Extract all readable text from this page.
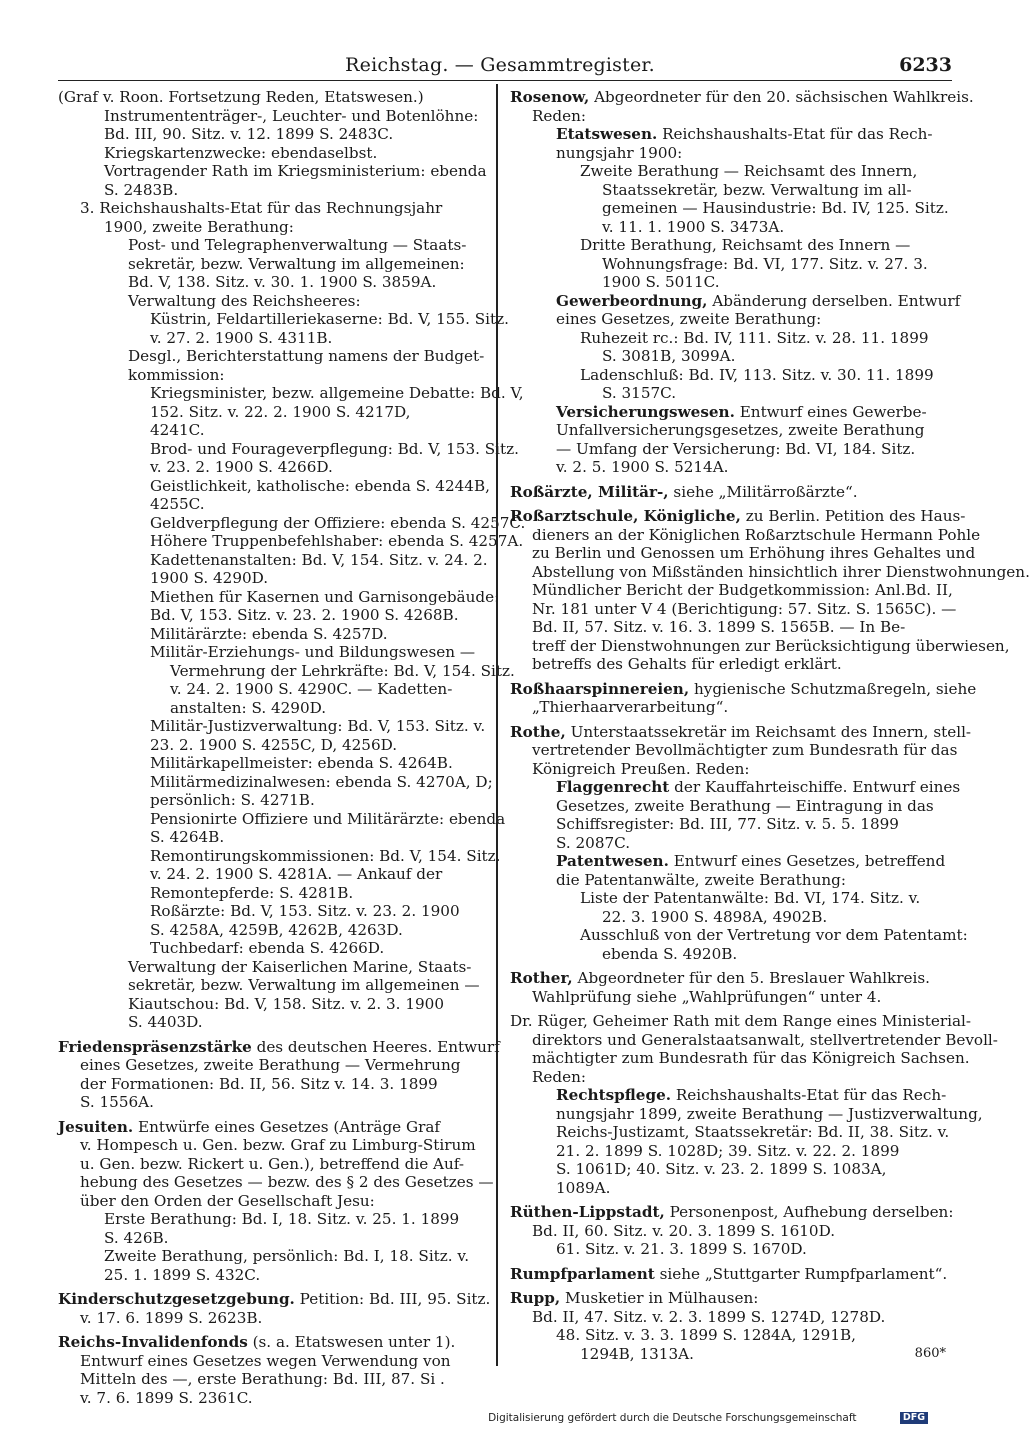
Reichstag. — Gesammtregister.	6233
(Graf v. Roon. Fortsetzung Reden, Etatswesen.)
Instrumententräger-, Leuchter- und Botenlöhne:
Bd. III, 90. Sitz. v. 12. 1899 S. 2483C.
Kriegskartenzwecke: ebendaselbst.
Vortragender Rath im Kriegsministerium: ebenda
S. 2483B.
3. Reichshaushalts-Etat für das Rechnungsjahr
1900, zweite Berathung:
Post- und Telegraphenverwaltung — Staats-
sekretär, bezw. Verwaltung im allgemeinen:
Bd. V, 138. Sitz. v. 30. 1. 1900 S. 3859A.
Verwaltung des Reichsheeres:
Küstrin, Feldartilleriekaserne: Bd. V, 155. Sitz.
v. 27. 2. 1900 S. 4311B.
Desgl., Berichterstattung namens der Budget-
kommission:
Kriegsminister, bezw. allgemeine Debatte: Bd. V,
152. Sitz. v. 22. 2. 1900 S. 4217D,
4241C.
Brod- und Fourageverpflegung: Bd. V, 153. Sitz.
v. 23. 2. 1900 S. 4266D.
Geistlichkeit, katholische: ebenda S. 4244B,
4255C.
Geldverpflegung der Offiziere: ebenda S. 4257C.
Höhere Truppenbefehlshaber: ebenda S. 4257A.
Kadettenanstalten: Bd. V, 154. Sitz. v. 24. 2.
1900 S. 4290D.
Miethen für Kasernen und Garnisongebäude:
Bd. V, 153. Sitz. v. 23. 2. 1900 S. 4268B.
Militärärzte: ebenda S. 4257D.
Militär-Erziehungs- und Bildungswesen —
Vermehrung der Lehrkräfte: Bd. V, 154. Sitz.
v. 24. 2. 1900 S. 4290C. — Kadetten-
anstalten: S. 4290D.
Militär-Justizverwaltung: Bd. V, 153. Sitz. v.
23. 2. 1900 S. 4255C, D, 4256D.
Militärkapellmeister: ebenda S. 4264B.
Militärmedizinalwesen: ebenda S. 4270A, D;
persönlich: S. 4271B.
Pensionirte Offiziere und Militärärzte: ebenda
S. 4264B.
Remontirungskommissionen: Bd. V, 154. Sitz.
v. 24. 2. 1900 S. 4281A. — Ankauf der
Remontepferde: S. 4281B.
Roßärzte: Bd. V, 153. Sitz. v. 23. 2. 1900
S. 4258A, 4259B, 4262B, 4263D.
Tuchbedarf: ebenda S. 4266D.
Verwaltung der Kaiserlichen Marine, Staats-
sekretär, bezw. Verwaltung im allgemeinen —
Kiautschou: Bd. V, 158. Sitz. v. 2. 3. 1900
S. 4403D.
Friedenspräsenzstärke des deutschen Heeres. Entwurf
eines Gesetzes, zweite Berathung — Vermehrung
der Formationen: Bd. II, 56. Sitz v. 14. 3. 1899
S. 1556A.
Jesuiten. Entwürfe eines Gesetzes (Anträge Graf
v. Hompesch u. Gen. bezw. Graf zu Limburg-Stirum
u. Gen. bezw. Rickert u. Gen.), betreffend die Auf-
hebung des Gesetzes — bezw. des § 2 des Gesetzes —
über den Orden der Gesellschaft Jesu:
Erste Berathung: Bd. I, 18. Sitz. v. 25. 1. 1899
S. 426B.
Zweite Berathung, persönlich: Bd. I, 18. Sitz. v.
25. 1. 1899 S. 432C.
Kinderschutzgesetzgebung. Petition: Bd. III, 95. Sitz.
v. 17. 6. 1899 S. 2623B.
Reichs-Invalidenfonds (s. a. Etatswesen unter 1).
Entwurf eines Gesetzes wegen Verwendung von
Mitteln des —, erste Berathung: Bd. III, 87. Si .
v. 7. 6. 1899 S. 2361C.
Rosenow, Abgeordneter für den 20. sächsischen Wahlkreis.
Reden:
Etatswesen. Reichshaushalts-Etat für das Rech-
nungsjahr 1900:
Zweite Berathung — Reichsamt des Innern,
Staatssekretär, bezw. Verwaltung im all-
gemeinen — Hausindustrie: Bd. IV, 125. Sitz.
v. 11. 1. 1900 S. 3473A.
Dritte Berathung, Reichsamt des Innern —
Wohnungsfrage: Bd. VI, 177. Sitz. v. 27. 3.
1900 S. 5011C.
Gewerbeordnung, Abänderung derselben. Entwurf
eines Gesetzes, zweite Berathung:
Ruhezeit rc.: Bd. IV, 111. Sitz. v. 28. 11. 1899
S. 3081B, 3099A.
Ladenschluß: Bd. IV, 113. Sitz. v. 30. 11. 1899
S. 3157C.
Versicherungswesen. Entwurf eines Gewerbe-
Unfallversicherungsgesetzes, zweite Berathung
— Umfang der Versicherung: Bd. VI, 184. Sitz.
v. 2. 5. 1900 S. 5214A.
Roßärzte, Militär-, siehe „Militärroßärzte“.
Roßarztschule, Königliche, zu Berlin. Petition des Haus-
dieners an der Königlichen Roßarztschule Hermann Pohle
zu Berlin und Genossen um Erhöhung ihres Gehaltes und
Abstellung von Mißständen hinsichtlich ihrer Dienstwohnungen.
Mündlicher Bericht der Budgetkommission: Anl.Bd. II,
Nr. 181 unter V 4 (Berichtigung: 57. Sitz. S. 1565C). —
Bd. II, 57. Sitz. v. 16. 3. 1899 S. 1565B. — In Be-
treff der Dienstwohnungen zur Berücksichtigung überwiesen,
betreffs des Gehalts für erledigt erklärt.
Roßhaarspinnereien, hygienische Schutzmaßregeln, siehe
„Thierhaarverarbeitung“.
Rothe, Unterstaatssekretär im Reichsamt des Innern, stell-
vertretender Bevollmächtigter zum Bundesrath für das
Königreich Preußen. Reden:
Flaggenrecht der Kauffahrteischiffe. Entwurf eines
Gesetzes, zweite Berathung — Eintragung in das
Schiffsregister: Bd. III, 77. Sitz. v. 5. 5. 1899
S. 2087C.
Patentwesen. Entwurf eines Gesetzes, betreffend
die Patentanwälte, zweite Berathung:
Liste der Patentanwälte: Bd. VI, 174. Sitz. v.
22. 3. 1900 S. 4898A, 4902B.
Ausschluß von der Vertretung vor dem Patentamt:
ebenda S. 4920B.
Rother, Abgeordneter für den 5. Breslauer Wahlkreis.
Wahlprüfung siehe „Wahlprüfungen“ unter 4.
Dr. Rüger, Geheimer Rath mit dem Range eines Ministerial-
direktors und Generalstaatsanwalt, stellvertretender Bevoll-
mächtigter zum Bundesrath für das Königreich Sachsen.
Reden:
Rechtspflege. Reichshaushalts-Etat für das Rech-
nungsjahr 1899, zweite Berathung — Justizverwaltung,
Reichs-Justizamt, Staatssekretär: Bd. II, 38. Sitz. v.
21. 2. 1899 S. 1028D; 39. Sitz. v. 22. 2. 1899
S. 1061D; 40. Sitz. v. 23. 2. 1899 S. 1083A,
1089A.
Rüthen-Lippstadt, Personenpost, Aufhebung derselben:
Bd. II, 60. Sitz. v. 20. 3. 1899 S. 1610D.
61. Sitz. v. 21. 3. 1899 S. 1670D.
Rumpfparlament siehe „Stuttgarter Rumpfparlament“.
Rupp, Musketier in Mülhausen:
Bd. II, 47. Sitz. v. 2. 3. 1899 S. 1274D, 1278D.
48. Sitz. v. 3. 3. 1899 S. 1284A, 1291B,
1294B, 1313A.	860*
Digitalisierung gefördert durch die Deutsche Forschungsgemeinschaft	DFG
